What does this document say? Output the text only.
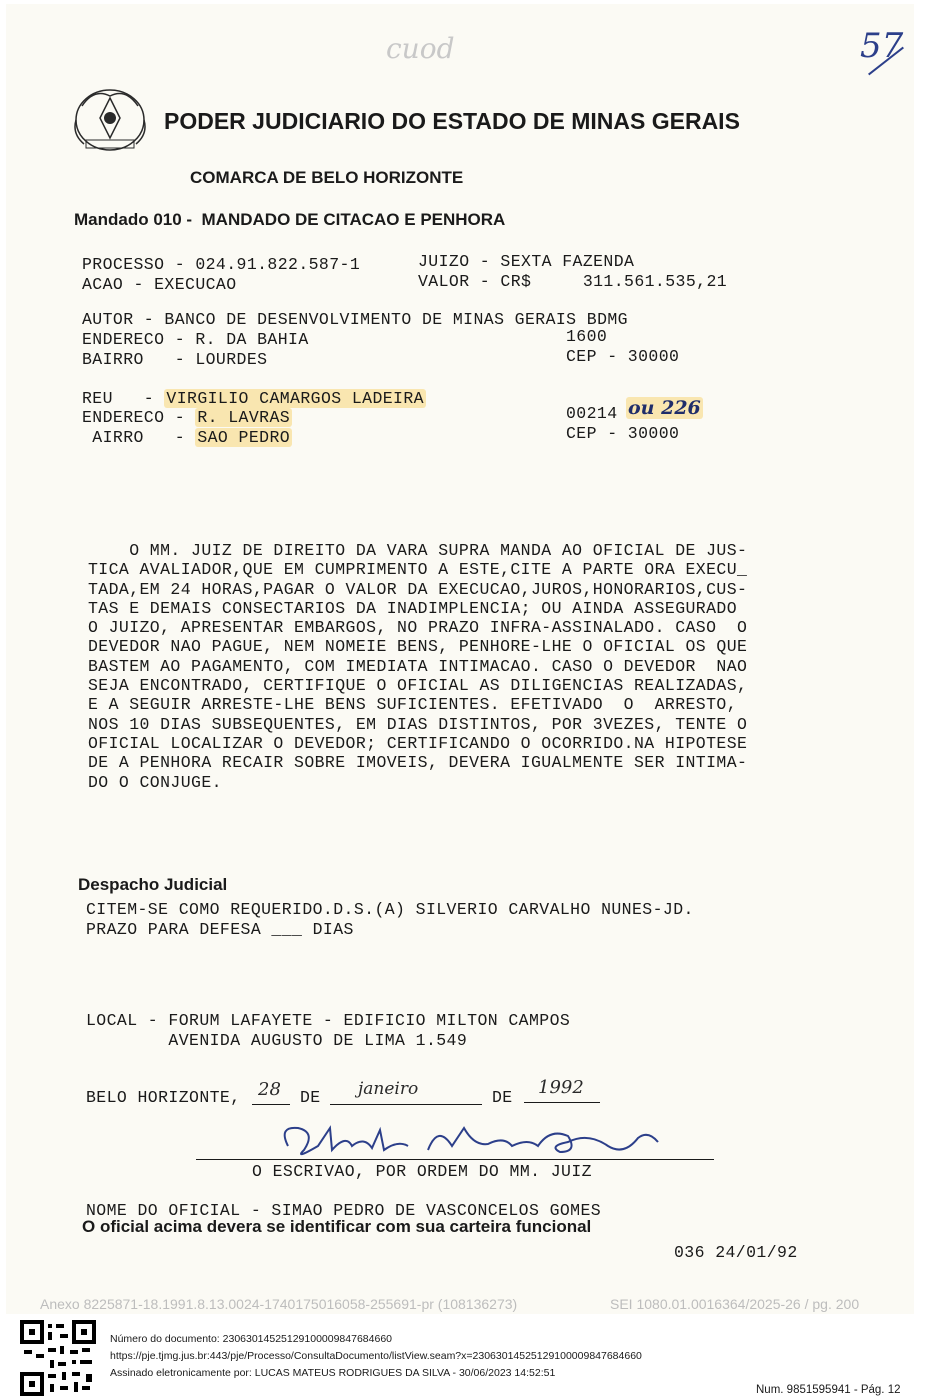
cuod	57
PODER JUDICIARIO DO ESTADO DE MINAS GERAIS
COMARCA DE BELO HORIZONTE
Mandado 010 -  MANDADO DE CITACAO E PENHORA
PROCESSO - 024.91.822.587-1	JUIZO - SEXTA FAZENDA
ACAO - EXECUCAO	VALOR - CR$     311.561.535,21
AUTOR - BANCO DE DESENVOLVIMENTO DE MINAS GERAIS BDMG
ENDERECO - R. DA BAHIA	1600
BAIRRO   - LOURDES	CEP - 30000
REU   - VIRGILIO CAMARGOS LADEIRA
ENDERECO - R. LAVRAS	00214 ou 226
AIRRO   - SAO PEDRO	CEP - 30000
O MM. JUIZ DE DIREITO DA VARA SUPRA MANDA AO OFICIAL DE JUS-
TICA AVALIADOR,QUE EM CUMPRIMENTO A ESTE,CITE A PARTE ORA EXECU_
TADA,EM 24 HORAS,PAGAR O VALOR DA EXECUCAO,JUROS,HONORARIOS,CUS-
TAS E DEMAIS CONSECTARIOS DA INADIMPLENCIA; OU AINDA ASSEGURADO
O JUIZO, APRESENTAR EMBARGOS, NO PRAZO INFRA-ASSINALADO. CASO  O
DEVEDOR NAO PAGUE, NEM NOMEIE BENS, PENHORE-LHE O OFICIAL OS QUE
BASTEM AO PAGAMENTO, COM IMEDIATA INTIMACAO. CASO O DEVEDOR  NAO
SEJA ENCONTRADO, CERTIFIQUE O OFICIAL AS DILIGENCIAS REALIZADAS,
E A SEGUIR ARRESTE-LHE BENS SUFICIENTES. EFETIVADO  O  ARRESTO,
NOS 10 DIAS SUBSEQUENTES, EM DIAS DISTINTOS, POR 3VEZES, TENTE O
OFICIAL LOCALIZAR O DEVEDOR; CERTIFICANDO O OCORRIDO.NA HIPOTESE
DE A PENHORA RECAIR SOBRE IMOVEIS, DEVERA IGUALMENTE SER INTIMA-
DO O CONJUGE.
Despacho Judicial
CITEM-SE COMO REQUERIDO.D.S.(A) SILVERIO CARVALHO NUNES-JD.
PRAZO PARA DEFESA ___ DIAS
LOCAL - FORUM LAFAYETE - EDIFICIO MILTON CAMPOS
AVENIDA AUGUSTO DE LIMA 1.549
BELO HORIZONTE, 28 DE janeiro	DE 1992
O ESCRIVAO, POR ORDEM DO MM. JUIZ
NOME DO OFICIAL - SIMAO PEDRO DE VASCONCELOS GOMES
O oficial acima devera se identificar com sua carteira funcional
036 24/01/92
Anexo 8225871-18.1991.8.13.0024-1740175016058-255691-pr (108136273)	SEI 1080.01.0016364/2025-26 / pg. 200
Número do documento: 23063014525129100009847684660
https://pje.tjmg.jus.br:443/pje/Processo/ConsultaDocumento/listView.seam?x=23063014525129100009847684660
Assinado eletronicamente por: LUCAS MATEUS RODRIGUES DA SILVA - 30/06/2023 14:52:51
Num. 9851595941 - Pág. 12
